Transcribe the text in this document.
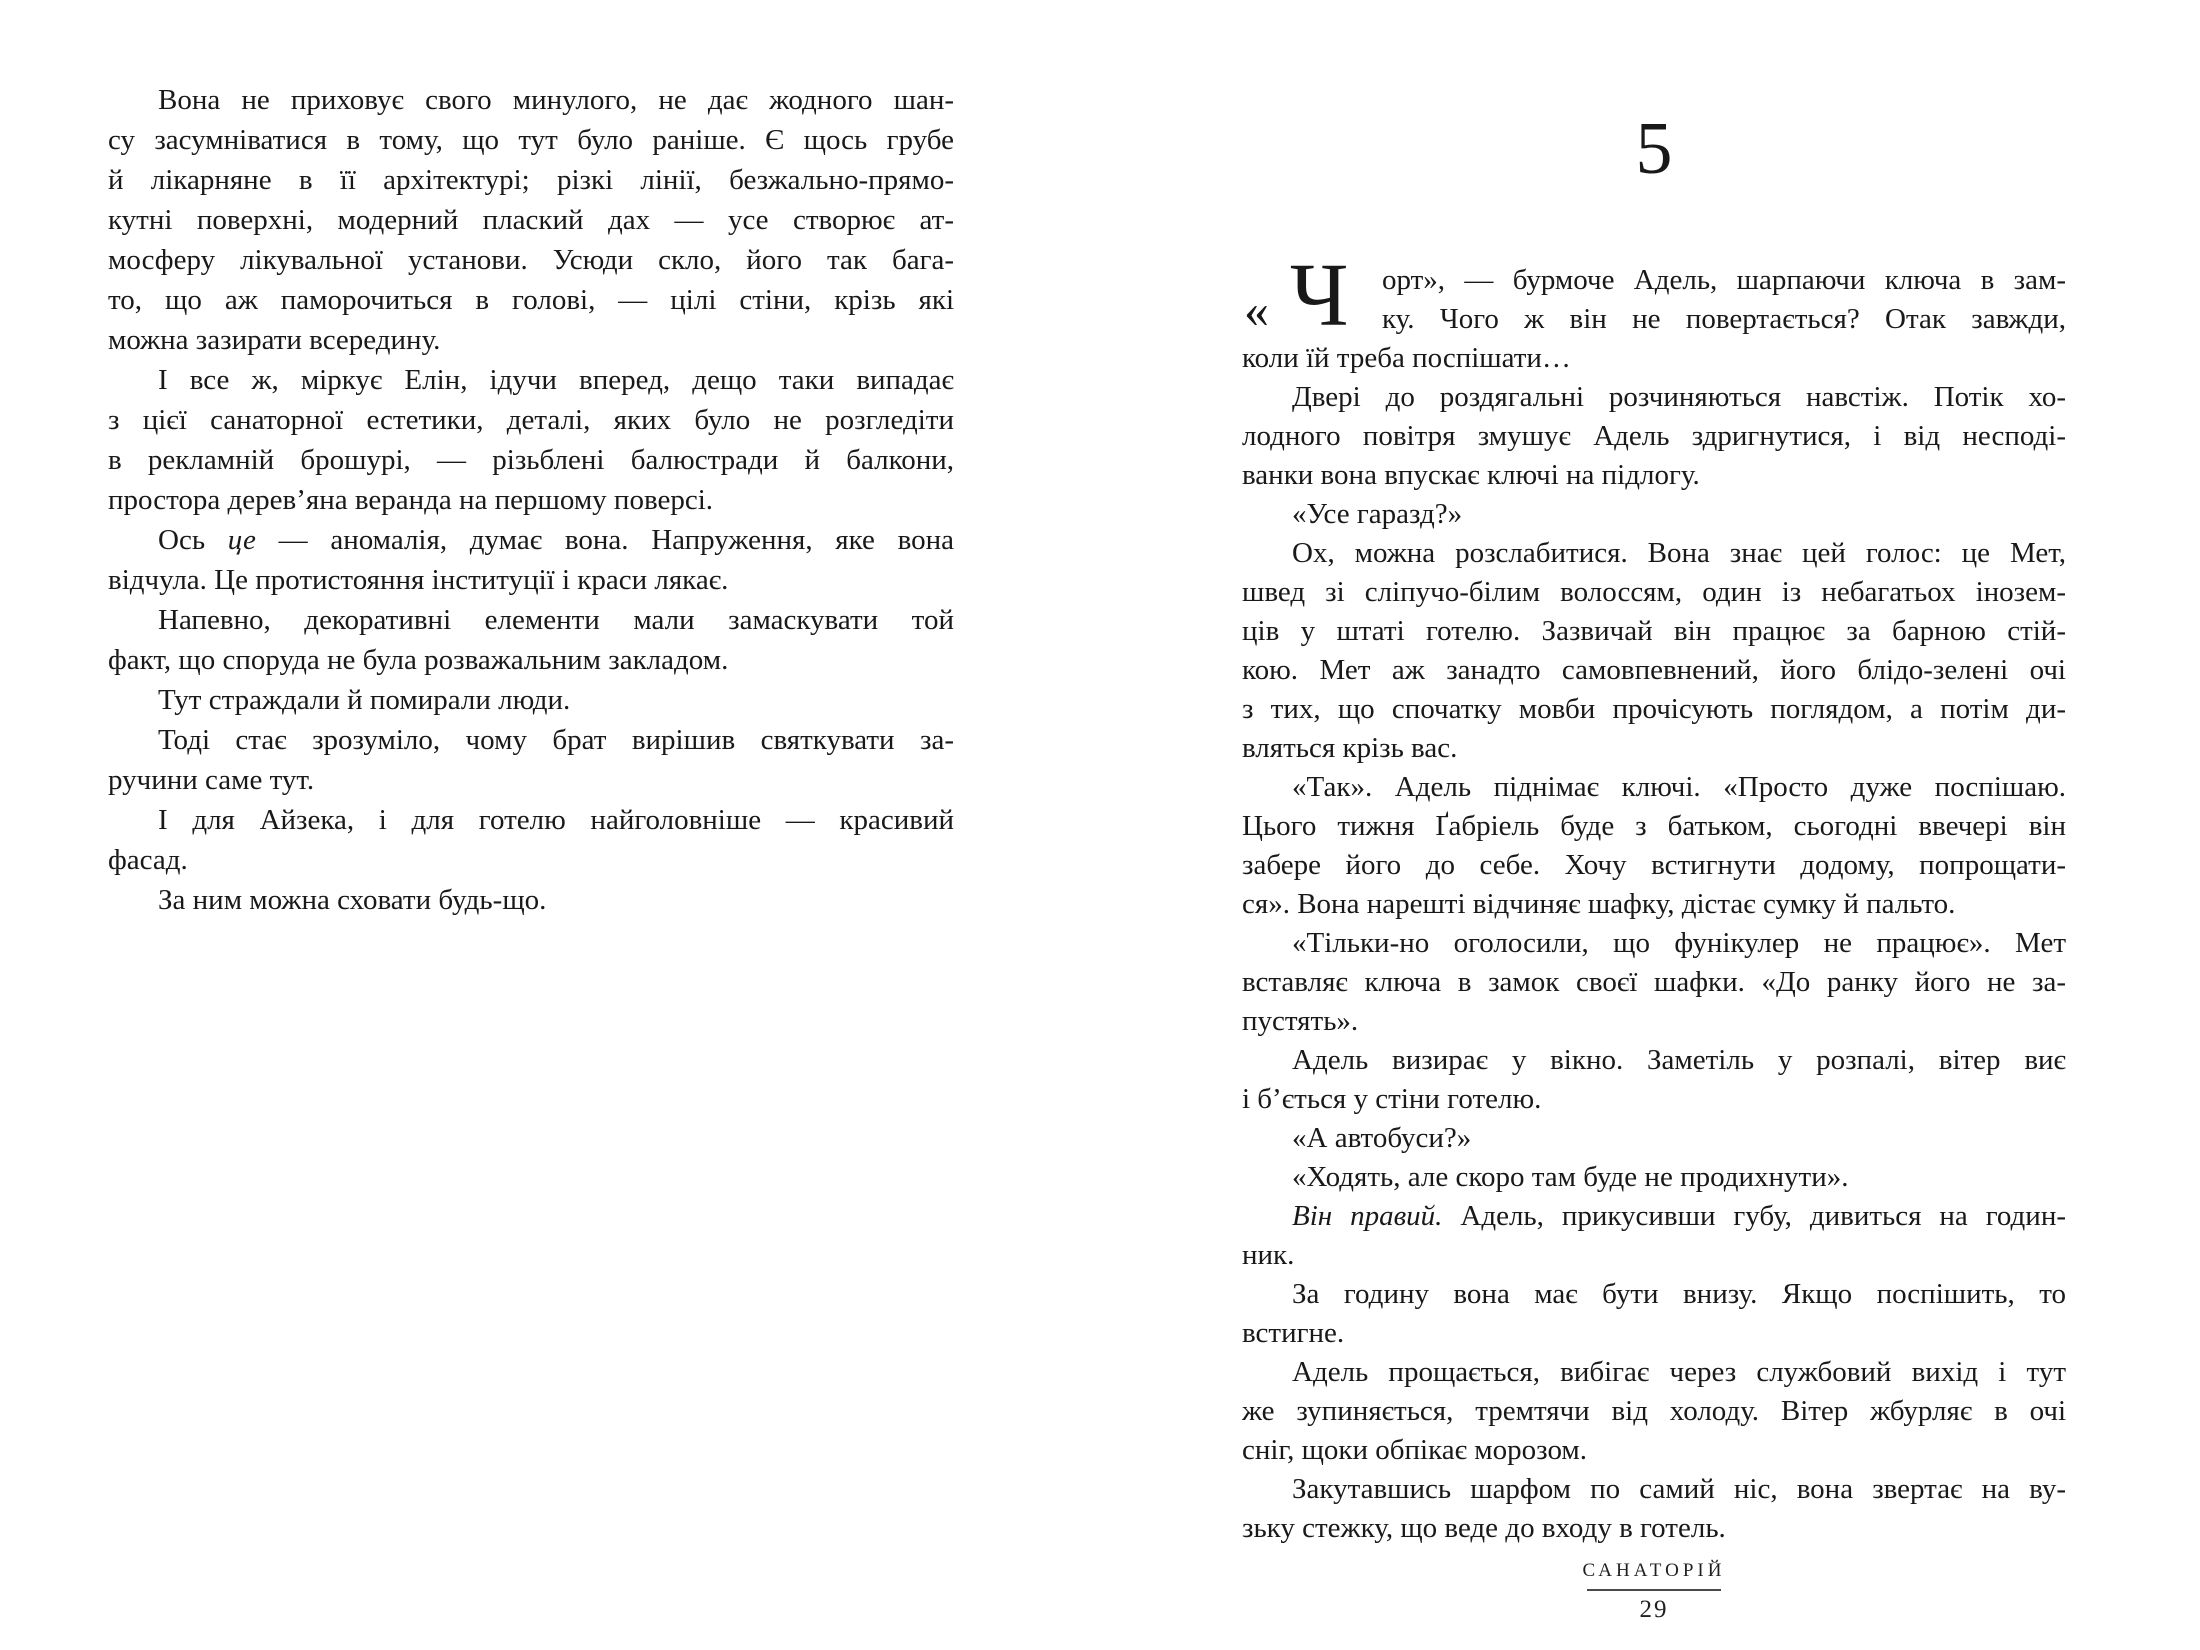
Вона не приховує свого минулого, не дає жодного шан-
су засумніватися в тому, що тут було раніше. Є щось грубе
й лікарняне в її архітектурі; різкі лінії, безжально-прямо-
кутні поверхні, модерний плаский дах — усе створює ат-
мосферу лікувальної установи. Усюди скло, його так бага-
то, що аж паморочиться в голові, — цілі стіни, крізь які
можна зазирати всередину.
І все ж, міркує Елін, ідучи вперед, дещо таки випадає
з цієї санаторної естетики, деталі, яких було не розгледіти
в рекламній брошурі, — різьблені балюстради й балкони,
простора дерев’яна веранда на першому поверсі.
Ось це — аномалія, думає вона. Напруження, яке вона
відчула. Це протистояння інституції і краси лякає.
Напевно, декоративні елементи мали замаскувати той
факт, що споруда не була розважальним закладом.
Тут страждали й помирали люди.
Тоді стає зрозуміло, чому брат вирішив святкувати за-
ручини саме тут.
І для Айзека, і для готелю найголовніше — красивий
фасад.
За ним можна сховати будь-що.
5
« Ч	орт», — бурмоче Адель, шарпаючи ключа в зам-
ку. Чого ж він не повертається? Отак завжди,
коли їй треба поспішати…
Двері до роздягальні розчиняються навстіж. Потік хо-
лодного повітря змушує Адель здригнутися, і від несподі-
ванки вона впускає ключі на підлогу.
«Усе гаразд?»
Ох, можна розслабитися. Вона знає цей голос: це Мет,
швед зі сліпучо-білим волоссям, один із небагатьох інозем-
ців у штаті готелю. Зазвичай він працює за барною стій-
кою. Мет аж занадто самовпевнений, його блідо-зелені очі
з тих, що спочатку мовби прочісують поглядом, а потім ди-
вляться крізь вас.
«Так». Адель піднімає ключі. «Просто дуже поспішаю.
Цього тижня Ґабріель буде з батьком, сьогодні ввечері він
забере його до себе. Хочу встигнути додому, попрощати-
ся». Вона нарешті відчиняє шафку, дістає сумку й пальто.
«Тільки-но оголосили, що фунікулер не працює». Мет
вставляє ключа в замок своєї шафки. «До ранку його не за-
пустять».
Адель визирає у вікно. Заметіль у розпалі, вітер виє
і б’ється у стіни готелю.
«А автобуси?»
«Ходять, але скоро там буде не продихнути».
Він правий. Адель, прикусивши губу, дивиться на годин-
ник.
За годину вона має бути внизу. Якщо поспішить, то
встигне.
Адель прощається, вибігає через службовий вихід і тут
же зупиняється, тремтячи від холоду. Вітер жбурляє в очі
сніг, щоки обпікає морозом.
Закутавшись шарфом по самий ніс, вона звертає на ву-
зьку стежку, що веде до входу в готель.
САНАТОРІЙ
29
